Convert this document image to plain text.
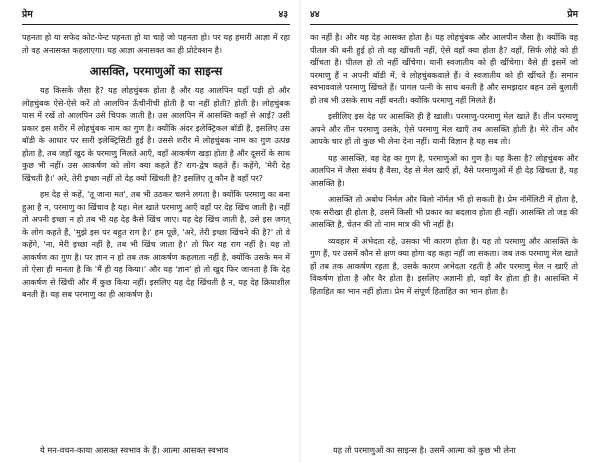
प्रेम	४३

पहनता हो या सफेद कोट-पेन्ट पहनता हो या चाहे जो पहनता हो। पर यह हमारी आज्ञा में रहा तो वह अनासक्त कहलाएगा। यह आज्ञा अनासक्त का ही प्रोटेक्शन है।

आसक्ति, परमाणुओं का साइन्स

यह किसके जैसा है? यह लोहचुंबक होता है और यह आलपिन यहाँ पड़ी हो और लोहचुंबक ऐसे-ऐसे करें तो आलपिन ऊँचीनीची होती है या नहीं होती? होती है। लोहचुंबक पास में रखें तो आलपिन उसे चिपक जाती है। उस आलपिन में आसक्ति कहाँ से आई? उसी प्रकार इस शरीर में लोहचुंबक नाम का गुण है। क्योंकि अंदर इलेक्ट्रिकल बॉडी है, इसलिए उस बॉडी के आधार पर सारी इलेक्ट्रिसिटी हुई है। उससे शरीर में लोहचुंबक नाम का गुण उत्पन्न होता है, तब जहाँ खुद के परमाणु मिलते आएँ, वहाँ आकर्षण खड़ा होता है और दूसरों के साथ कुछ भी नहीं। उस आकर्षण को लोग क्या कहते हैं? राग-द्वेष कहते हैं। कहेंगे, 'मेरी देह खिंचती है।' अरे, तेरी इच्छा नहीं तो देह क्यों खिंचती है? इसलिए तू कौन है वहाँ पर?

हम देह से कहें, 'तू जाना मत', तब भी उठकर चलने लगता है। क्योंकि परमाणु का बना हुआ है न, परमाणु का खिंचाव है यह। मेल खाते परमाणु आएँ वहाँ पर देह खिंच जाती है। नहीं तो अपनी इच्छा न हो तब भी यह देह कैसे खिंच जाए। यह देह खिंच जाती है, उसे इस जगत् के लोग कहते हैं, 'मुझे इस पर बहुत राग है।' हम पूछें, 'अरे, तेरी इच्छा खिंचने की है?' तो वे कहेंगे, 'ना, मेरी इच्छा नहीं है, तब भी खिंच जाता है।' तो फिर यह राग नहीं है। यह तो आकर्षण का गुण है। पर ज्ञान न हो तब तक आकर्षण कहलाता नहीं है, क्योंकि उसके मन में तो ऐसा ही मानता है कि 'मैं ही यह किया।' और यह 'ज्ञान' हो तो खुद फिर जानता है कि देह आकर्षण से खिंची और मैं कुछ किया नहीं। इसलिए यह देह खिंचती है न, यह देह क्रियाशील बनती है। यह सब परमाणु का ही आकर्षण है।

ये मन-वचन-काया आसक्त स्वभाव के हैं। आत्मा आसक्त स्वभाव
४४	प्रेम

का नहीं है। और यह देह आसक्त होता है। यह लोहचुंबक और आलपीन जैसा है। क्योंकि वह पीतल की बनी हुई हो तो वह खींचती नहीं, ऐसे वहाँ क्या होता है? वहाँ, सिर्फ लोहे को ही खींचता है। पीतल हो तो नहीं खींचेगा। यानी स्वजातीय को ही खींचेगा। वैसे ही इसमें जो परमाणु हैं न अपनी बॉडी में, वे लोहचुंबकवाले हैं। वे स्वजातीय को ही खींचते हैं। समान स्वभाववाले परमाणु खिंचते हैं। पागल पत्नी के साथ बनती है और समझदार बहन उसे बुलाती हो तब भी उसके साथ नहीं बनती। क्योंकि परमाणु नहीं मिलते हैं।

इसीलिए इस देह पर आसक्ति ही है खाली। परमाणु-परमाणु मेल खाते हैं। तीन परमाणु अपने और तीन परमाणु उसके, ऐसे परमाणु मेल खाएँ तब आसक्ति होती है। मेरे तीन और आपके चार हों तो कुछ भी लेना देना नहीं। यानी विज्ञान है यह सब तो।

यह आसक्ति, वह देह का गुण है, परमाणुओं का गुण है। यह कैसा है? लोहचुंबक और आलपिन में जैसा संबंध है वैसा, देह से मेल खाएँ हों, वैसे परमाणुओं में ही देह खिंचता है, यह आसक्ति है।

आसक्ति तो अबोध निर्मल और बिलो नॉर्मल भी हो सकती है। प्रेम नॉर्मेलिटी में होता है, एक सरीखा ही होता है, उसमें किसी भी प्रकार का बदलाव होता ही नहीं। आसक्ति तो जड़ की आसक्ति है, चेतन की तो नाम मात्र की भी नहीं है।

व्यवहार में अभेदता रहे, उसका भी कारण होता है। यह तो परमाणु और आसक्ति के गुण हैं, पर उसमें कौन से क्षण क्या होगा वह कहा नहीं जा सकता। जब तक परमाणु मेल खाते हों तब तक आकर्षण रहता है, उसके कारण अभेदता रहती है और परमाणु मेल न खाएँ तो विकर्षण होता है और वैर होता है। इसलिए अज्ञानी हो, वहाँ वैर होता ही है। आसक्ति में हिताहित का भान नहीं होता। प्रेम में संपूर्ण हिताहित का भान होता है।

यह तो परमाणुओं का साइन्स है। उसमें आत्मा को कुछ भी लेना
